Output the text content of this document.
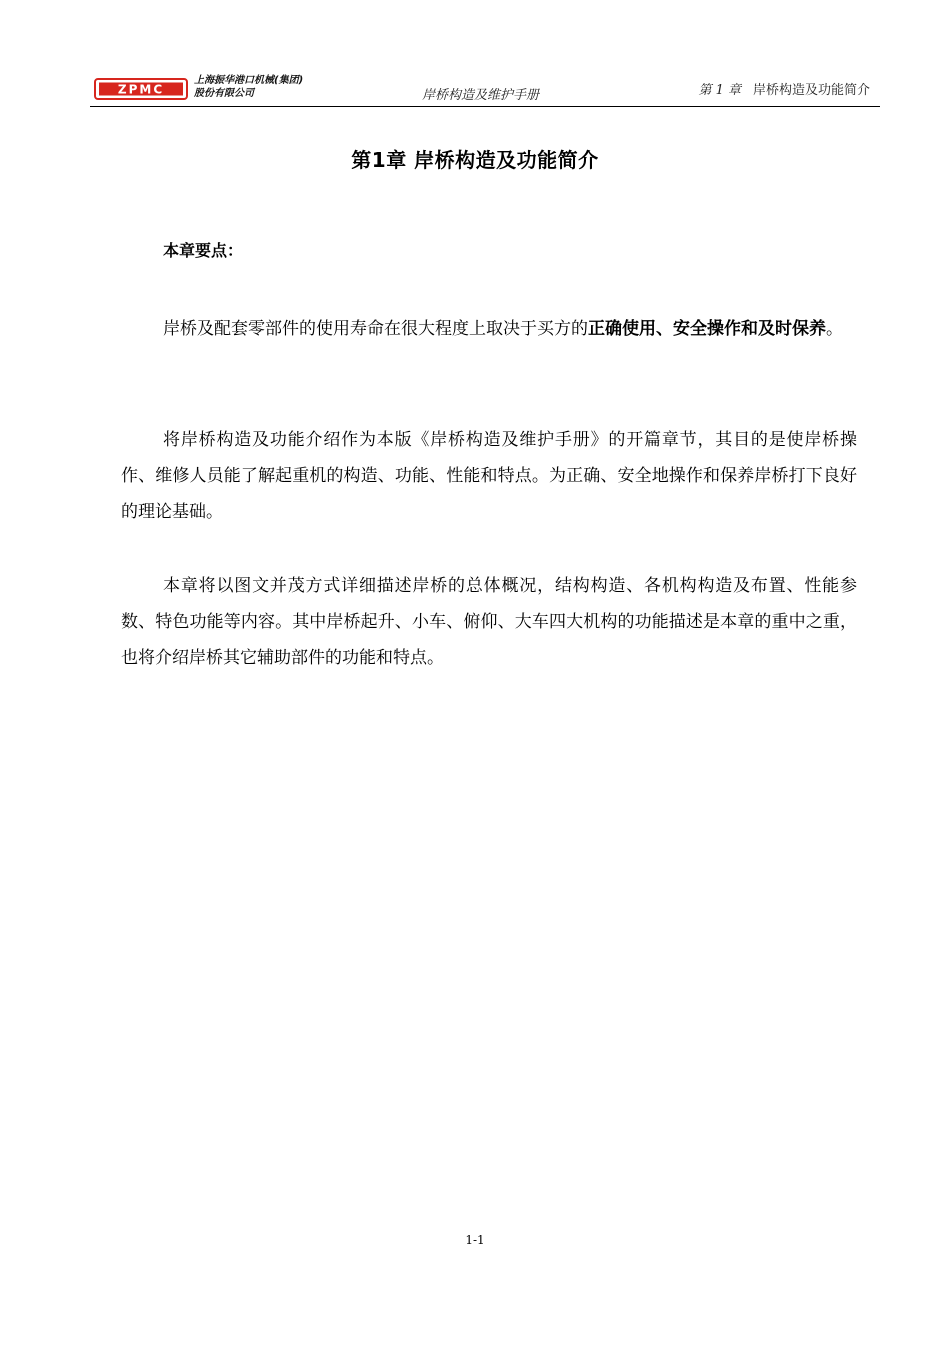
ZPMC
上海振华港口机械(集团)
股份有限公司	岸桥构造及维护手册	第 1 章 岸桥构造及功能简介
第1章 岸桥构造及功能简介
本章要点：

岸桥及配套零部件的使用寿命在很大程度上取决于买方的正确使用、安全操作和及时保养。

将岸桥构造及功能介绍作为本版《岸桥构造及维护手册》的开篇章节，其目的是使岸桥操作、维修人员能了解起重机的构造、功能、性能和特点。为正确、安全地操作和保养岸桥打下良好的理论基础。

本章将以图文并茂方式详细描述岸桥的总体概况，结构构造、各机构构造及布置、性能参数、特色功能等内容。其中岸桥起升、小车、俯仰、大车四大机构的功能描述是本章的重中之重，也将介绍岸桥其它辅助部件的功能和特点。

1-1
